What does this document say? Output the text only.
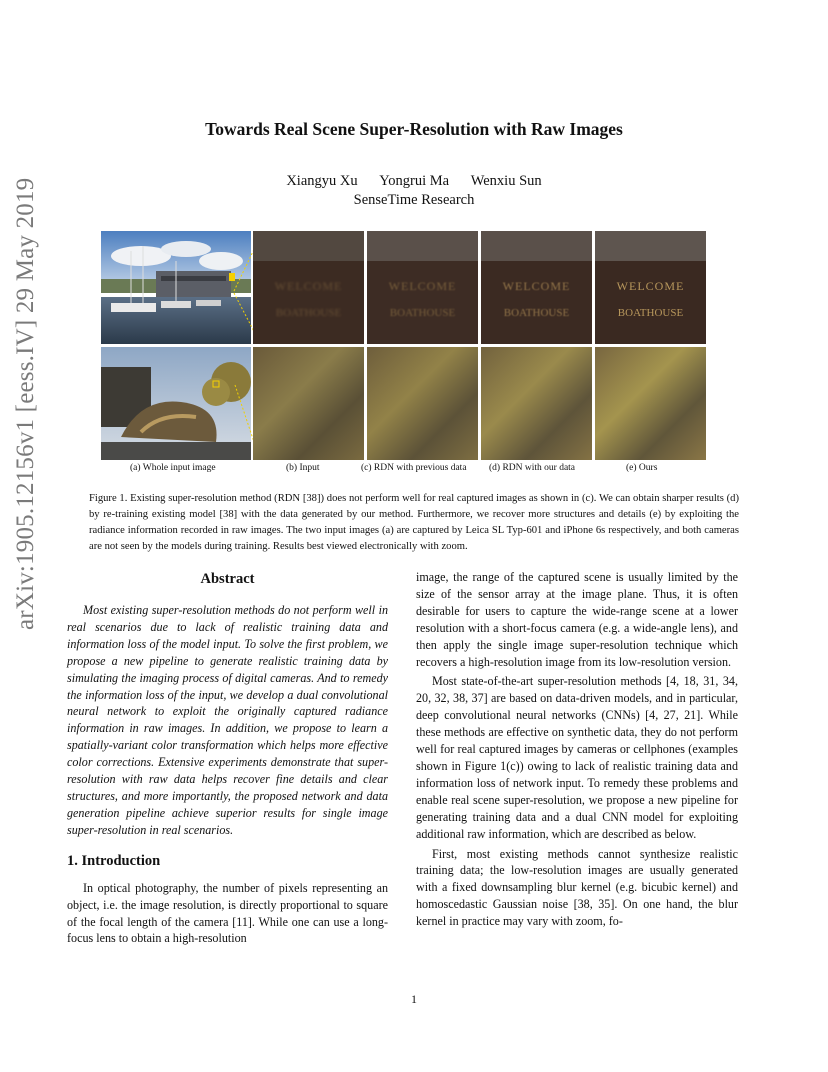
arXiv:1905.12156v1 [eess.IV] 29 May 2019
Towards Real Scene Super-Resolution with Raw Images
Xiangyu Xu Yongrui Ma Wenxiu Sun
SenseTime Research
WELCOME
BOATHOUSE
WELCOME
BOATHOUSE
WELCOME
BOATHOUSE
WELCOME
BOATHOUSE
(a) Whole input image	(b) Input	(c) RDN with previous data (d) RDN with our data	(e) Ours
Figure 1. Existing super-resolution method (RDN [38]) does not perform well for real captured images as shown in (c). We can obtain sharper results (d) by re-training existing model [38] with the data generated by our method. Furthermore, we recover more structures and details (e) by exploiting the radiance information recorded in raw images. The two input images (a) are captured by Leica SL Typ-601 and iPhone 6s respectively, and both cameras are not seen by the models during training. Results best viewed electronically with zoom.
Abstract
Most existing super-resolution methods do not perform well in real scenarios due to lack of realistic training data and information loss of the model input. To solve the first problem, we propose a new pipeline to generate realistic training data by simulating the imaging process of digital cameras. And to remedy the information loss of the input, we develop a dual convolutional neural network to exploit the originally captured radiance information in raw images. In addition, we propose to learn a spatially-variant color transformation which helps more effective color corrections. Extensive experiments demonstrate that super-resolution with raw data helps recover fine details and clear structures, and more importantly, the proposed network and data generation pipeline achieve superior results for single image super-resolution in real scenarios.
1. Introduction
In optical photography, the number of pixels representing an object, i.e. the image resolution, is directly proportional to square of the focal length of the camera [11]. While one can use a long-focus lens to obtain a high-resolution
image, the range of the captured scene is usually limited by the size of the sensor array at the image plane. Thus, it is often desirable for users to capture the wide-range scene at a lower resolution with a short-focus camera (e.g. a wide-angle lens), and then apply the single image super-resolution technique which recovers a high-resolution image from its low-resolution version.
Most state-of-the-art super-resolution methods [4, 18, 31, 34, 20, 32, 38, 37] are based on data-driven models, and in particular, deep convolutional neural networks (CNNs) [4, 27, 21]. While these methods are effective on synthetic data, they do not perform well for real captured images by cameras or cellphones (examples shown in Figure 1(c)) owing to lack of realistic training data and information loss of network input. To remedy these problems and enable real scene super-resolution, we propose a new pipeline for generating training data and a dual CNN model for exploiting additional raw information, which are described as below.
First, most existing methods cannot synthesize realistic training data; the low-resolution images are usually generated with a fixed downsampling blur kernel (e.g. bicubic kernel) and homoscedastic Gaussian noise [38, 35]. On one hand, the blur kernel in practice may vary with zoom, fo-
1
